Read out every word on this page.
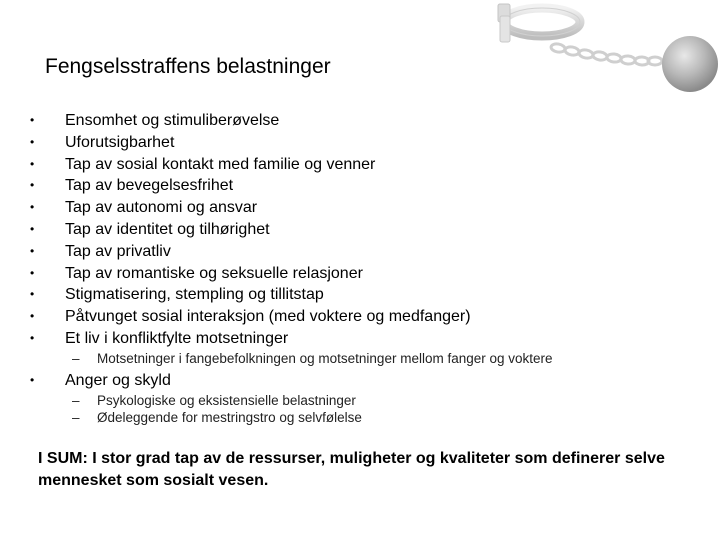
Fengselsstraffens belastninger
•	Ensomhet og stimuliberøvelse
•	Uforutsigbarhet
•	Tap av sosial kontakt med familie og venner
•	Tap av bevegelsesfrihet
•	Tap av autonomi og ansvar
•	Tap av identitet og tilhørighet
•	Tap av privatliv
•	Tap av romantiske og seksuelle relasjoner
•	Stigmatisering, stempling og tillitstap
•	Påtvunget sosial interaksjon (med voktere og medfanger)
•	Et liv i konfliktfylte motsetninger
– Motsetninger i fangebefolkningen og motsetninger mellom fanger og voktere
•	Anger og skyld
– Psykologiske og eksistensielle belastninger
– Ødeleggende for mestringstro og selvfølelse

I SUM: I stor grad tap av de ressurser, muligheter og kvaliteter som definerer selve mennesket som sosialt vesen.
